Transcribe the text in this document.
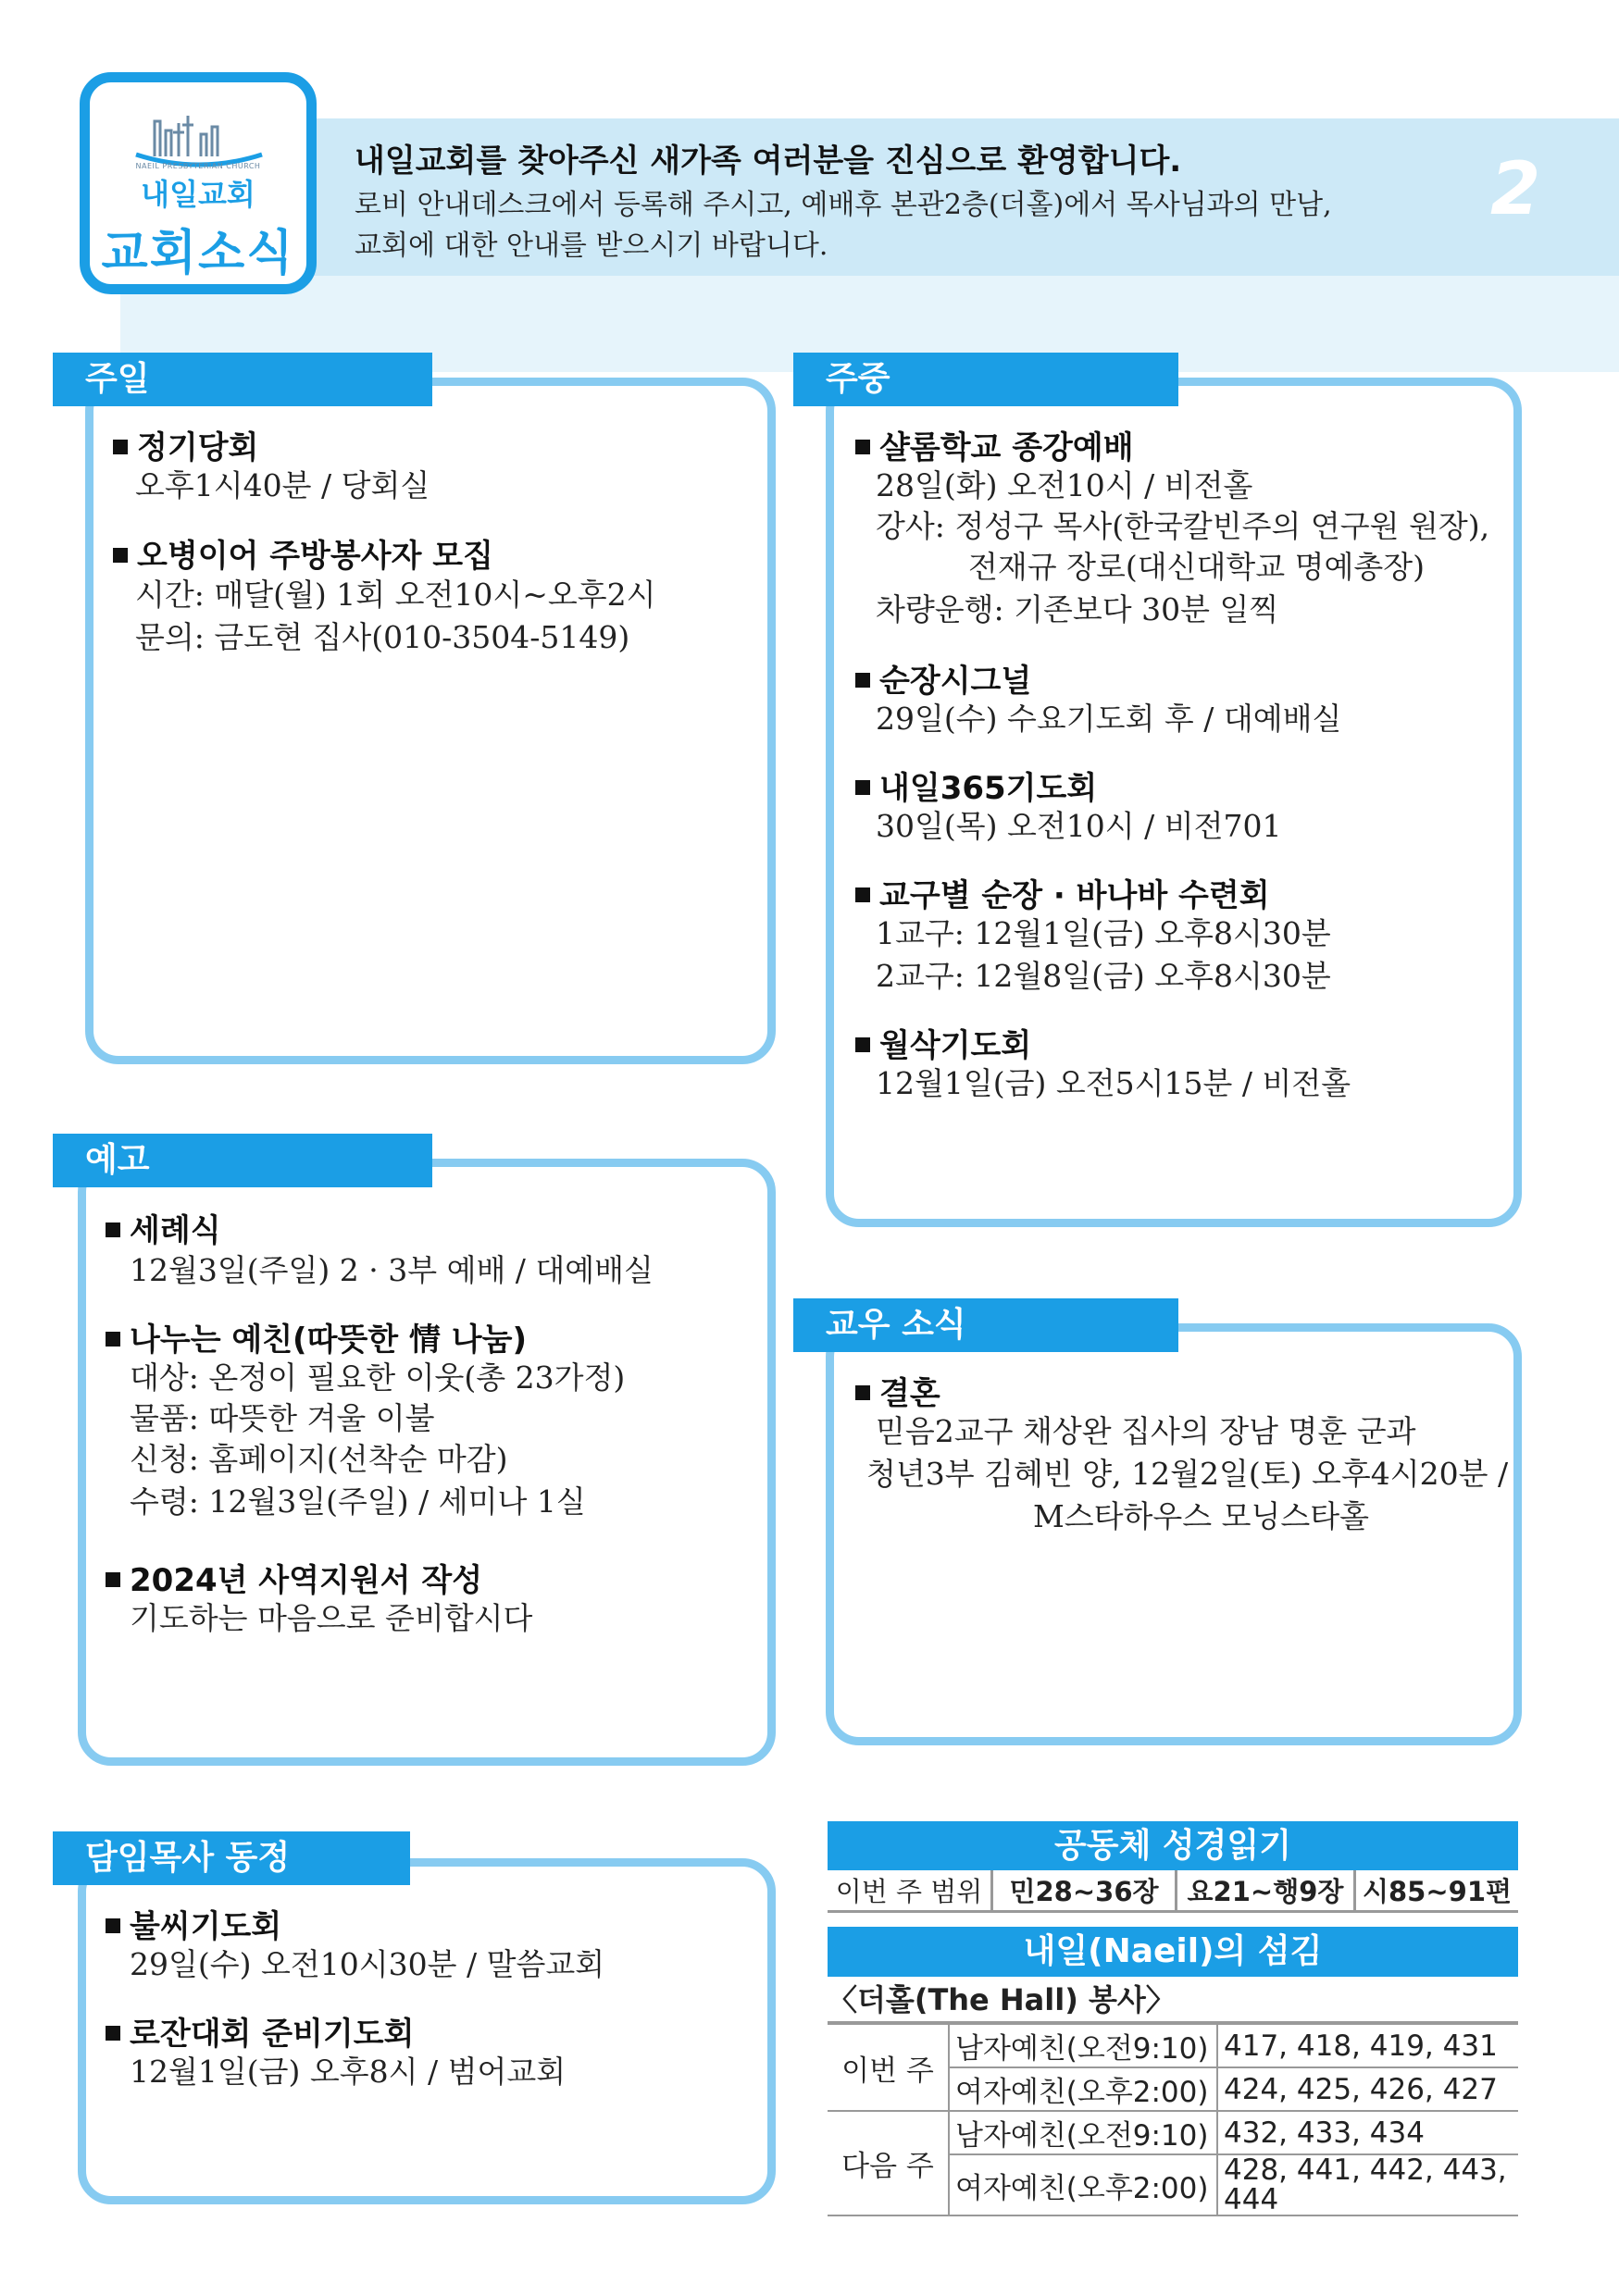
NAEIL PRESBYTERIAN CHURCH
내일교회
교회소식
내일교회를 찾아주신 새가족 여러분을 진심으로 환영합니다.
로비 안내데스크에서 등록해 주시고, 예배후 본관2층(더홀)에서 목사님과의 만남,
교회에 대한 안내를 받으시기 바랍니다.
2
주일
정기당회
오후1시40분 / 당회실
오병이어 주방봉사자 모집
시간: 매달(월) 1회 오전10시~오후2시
문의: 금도현 집사(010-3504-5149)
주중
샬롬학교 종강예배
28일(화) 오전10시 / 비전홀
강사: 정성구 목사(한국칼빈주의 연구원 원장),
전재규 장로(대신대학교 명예총장)
차량운행: 기존보다 30분 일찍
순장시그널
29일(수) 수요기도회 후 / 대예배실
내일365기도회
30일(목) 오전10시 / 비전701
교구별 순장 · 바나바 수련회
1교구: 12월1일(금) 오후8시30분
2교구: 12월8일(금) 오후8시30분
월삭기도회
12월1일(금) 오전5시15분 / 비전홀
예고
세례식
12월3일(주일) 2 · 3부 예배 / 대예배실
나누는 예친(따뜻한 情 나눔)
대상: 온정이 필요한 이웃(총 23가정)
물품: 따뜻한 겨울 이불
신청: 홈페이지(선착순 마감)
수령: 12월3일(주일) / 세미나 1실
2024년 사역지원서 작성
기도하는 마음으로 준비합시다
교우 소식
결혼
믿음2교구 채상완 집사의 장남 명훈 군과
청년3부 김혜빈 양, 12월2일(토) 오후4시20분 /
M스타하우스 모닝스타홀
담임목사 동정
불씨기도회
29일(수) 오전10시30분 / 말씀교회
로잔대회 준비기도회
12월1일(금) 오후8시 / 범어교회
공동체 성경읽기
이번 주 범위	민28~36장	요21~행9장	시85~91편
내일(Naeil)의 섬김
〈더홀(The Hall) 봉사〉
이번 주	남자예친(오전9:10)	417, 418, 419, 431
	여자예친(오후2:00)	424, 425, 426, 427
다음 주	남자예친(오전9:10)	432, 433, 434
	여자예친(오후2:00)	428, 441, 442, 443, 444
